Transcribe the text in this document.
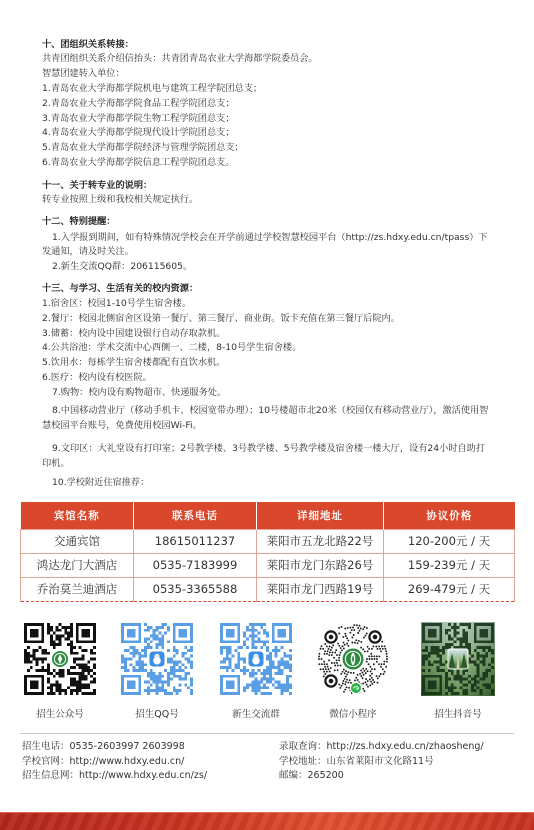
十、团组织关系转接：

共青团组织关系介绍信抬头：共青团青岛农业大学海都学院委员会。

智慧团建转入单位：

1.青岛农业大学海都学院机电与建筑工程学院团总支；

2.青岛农业大学海都学院食品工程学院团总支；

3.青岛农业大学海都学院生物工程学院团总支；

4.青岛农业大学海都学院现代设计学院团总支；

5.青岛农业大学海都学院经济与管理学院团总支；

6.青岛农业大学海都学院信息工程学院团总支。

十一、关于转专业的说明：

转专业按照上级和我校相关规定执行。

十二、特别提醒：

1.入学报到期间，如有特殊情况学校会在开学前通过学校智慧校园平台（http://zs.hdxy.edu.cn/tpass）下发通知，请及时关注。

2.新生交流QQ群：206115605。

十三、与学习、生活有关的校内资源：

1.宿舍区：校园1-10号学生宿舍楼。

2.餐厅：校园北侧宿舍区设第一餐厅、第三餐厅、商业街。饭卡充值在第三餐厅后院内。

3.储蓄：校内设中国建设银行自动存取款机。

4.公共浴池：学术交流中心西侧一、二楼，8-10号学生宿舍楼。

5.饮用水：每栋学生宿舍楼都配有直饮水机。

6.医疗：校内设有校医院。

7.购物：校内设有购物超市、快递服务处。

8.中国移动营业厅（移动手机卡、校园宽带办理）；10号楼超市北20米（校园仅有移动营业厅），激活使用智慧校园平台账号，免费使用校园Wi-Fi。

9.文印区：大礼堂设有打印室；2号教学楼、3号教学楼、5号教学楼及宿舍楼一楼大厅，设有24小时自助打印机。

10.学校附近住宿推荐：

宾馆名称	联系电话	详细地址	协议价格
交通宾馆	18615011237	莱阳市五龙北路22号	120-200元 / 天
鸿达龙门大酒店	0535-7183999	莱阳市龙门东路26号	159-239元 / 天
乔治莫兰迪酒店	0535-3365588	莱阳市龙门西路19号	269-479元 / 天
招生公众号	招生QQ号	新生交流群	微信小程序	招生抖音号

招生电话：0535-2603997 2603998

学校官网：http://www.hdxy.edu.cn/

招生信息网：http://www.hdxy.edu.cn/zs/

录取查询：http://zs.hdxy.edu.cn/zhaosheng/

学校地址：山东省莱阳市文化路11号

邮编：265200
